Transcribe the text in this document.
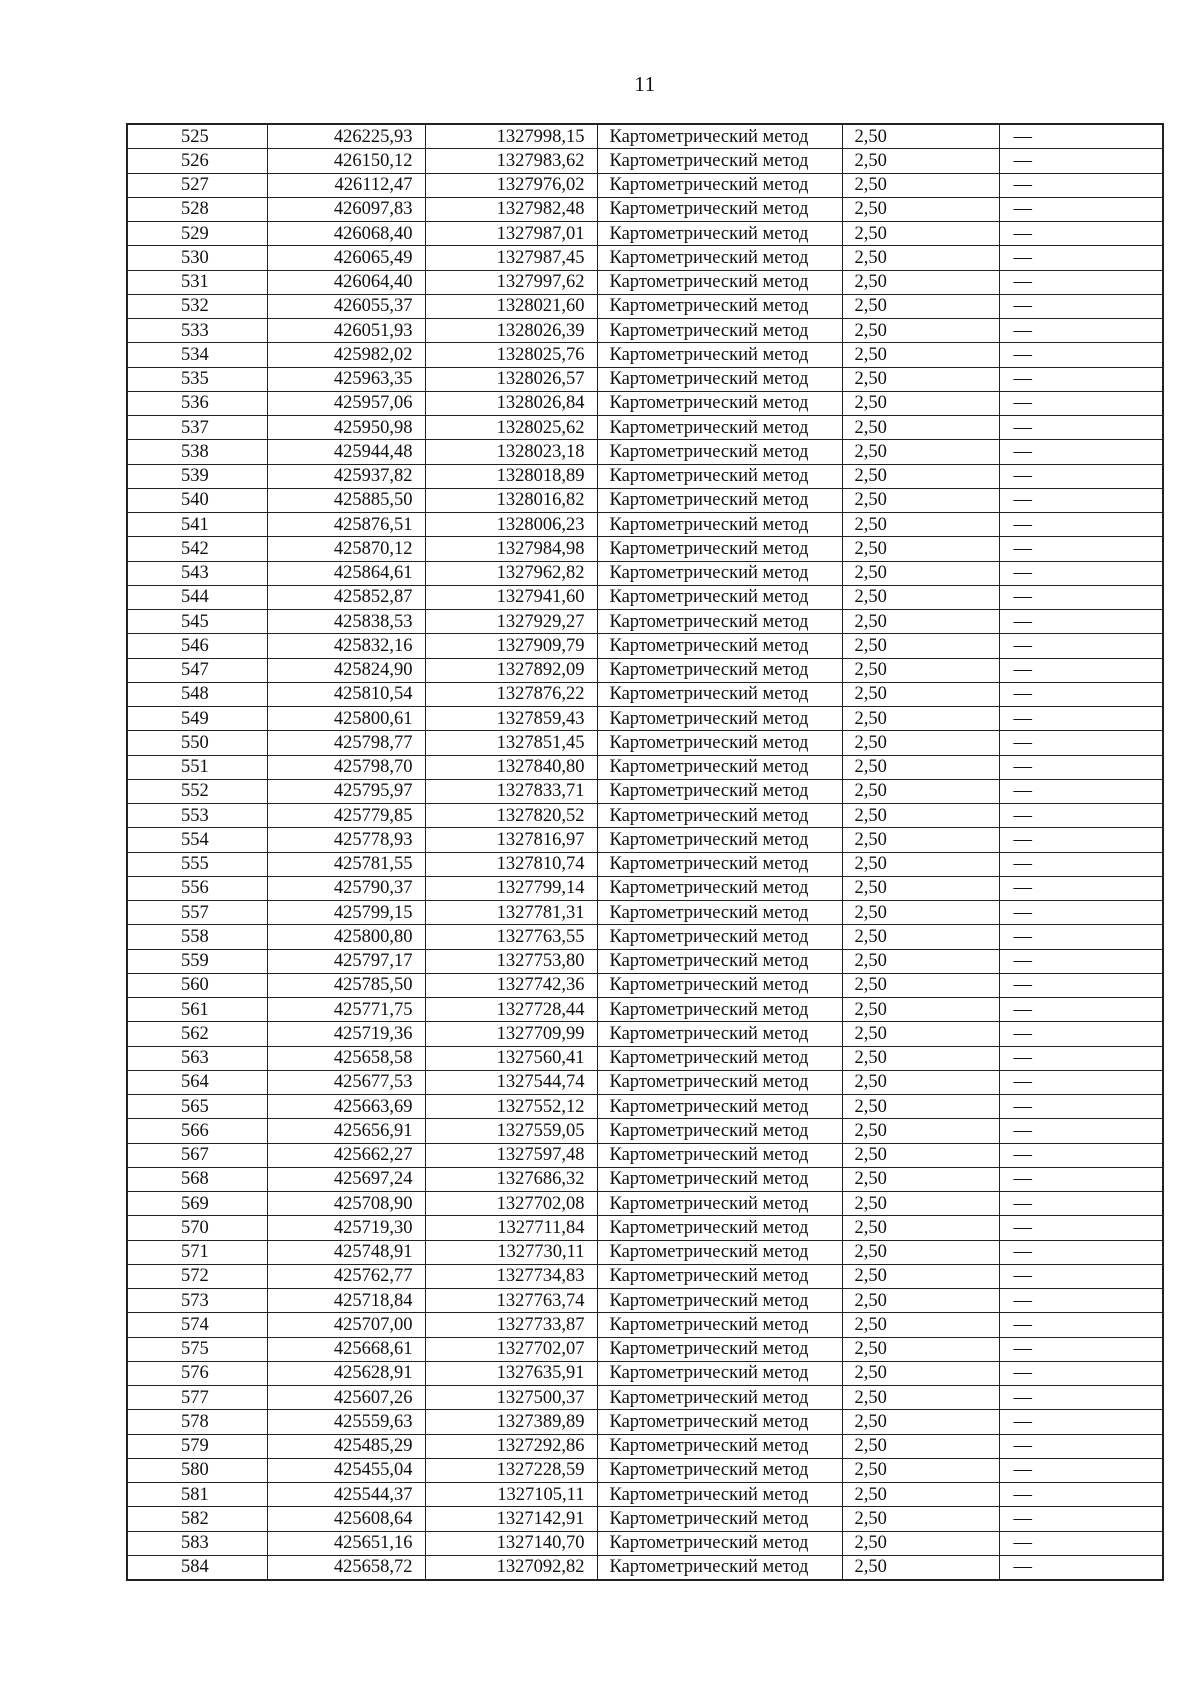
11
525	426225,93	1327998,15	Картометрический метод	2,50	—
526	426150,12	1327983,62	Картометрический метод	2,50	—
527	426112,47	1327976,02	Картометрический метод	2,50	—
528	426097,83	1327982,48	Картометрический метод	2,50	—
529	426068,40	1327987,01	Картометрический метод	2,50	—
530	426065,49	1327987,45	Картометрический метод	2,50	—
531	426064,40	1327997,62	Картометрический метод	2,50	—
532	426055,37	1328021,60	Картометрический метод	2,50	—
533	426051,93	1328026,39	Картометрический метод	2,50	—
534	425982,02	1328025,76	Картометрический метод	2,50	—
535	425963,35	1328026,57	Картометрический метод	2,50	—
536	425957,06	1328026,84	Картометрический метод	2,50	—
537	425950,98	1328025,62	Картометрический метод	2,50	—
538	425944,48	1328023,18	Картометрический метод	2,50	—
539	425937,82	1328018,89	Картометрический метод	2,50	—
540	425885,50	1328016,82	Картометрический метод	2,50	—
541	425876,51	1328006,23	Картометрический метод	2,50	—
542	425870,12	1327984,98	Картометрический метод	2,50	—
543	425864,61	1327962,82	Картометрический метод	2,50	—
544	425852,87	1327941,60	Картометрический метод	2,50	—
545	425838,53	1327929,27	Картометрический метод	2,50	—
546	425832,16	1327909,79	Картометрический метод	2,50	—
547	425824,90	1327892,09	Картометрический метод	2,50	—
548	425810,54	1327876,22	Картометрический метод	2,50	—
549	425800,61	1327859,43	Картометрический метод	2,50	—
550	425798,77	1327851,45	Картометрический метод	2,50	—
551	425798,70	1327840,80	Картометрический метод	2,50	—
552	425795,97	1327833,71	Картометрический метод	2,50	—
553	425779,85	1327820,52	Картометрический метод	2,50	—
554	425778,93	1327816,97	Картометрический метод	2,50	—
555	425781,55	1327810,74	Картометрический метод	2,50	—
556	425790,37	1327799,14	Картометрический метод	2,50	—
557	425799,15	1327781,31	Картометрический метод	2,50	—
558	425800,80	1327763,55	Картометрический метод	2,50	—
559	425797,17	1327753,80	Картометрический метод	2,50	—
560	425785,50	1327742,36	Картометрический метод	2,50	—
561	425771,75	1327728,44	Картометрический метод	2,50	—
562	425719,36	1327709,99	Картометрический метод	2,50	—
563	425658,58	1327560,41	Картометрический метод	2,50	—
564	425677,53	1327544,74	Картометрический метод	2,50	—
565	425663,69	1327552,12	Картометрический метод	2,50	—
566	425656,91	1327559,05	Картометрический метод	2,50	—
567	425662,27	1327597,48	Картометрический метод	2,50	—
568	425697,24	1327686,32	Картометрический метод	2,50	—
569	425708,90	1327702,08	Картометрический метод	2,50	—
570	425719,30	1327711,84	Картометрический метод	2,50	—
571	425748,91	1327730,11	Картометрический метод	2,50	—
572	425762,77	1327734,83	Картометрический метод	2,50	—
573	425718,84	1327763,74	Картометрический метод	2,50	—
574	425707,00	1327733,87	Картометрический метод	2,50	—
575	425668,61	1327702,07	Картометрический метод	2,50	—
576	425628,91	1327635,91	Картометрический метод	2,50	—
577	425607,26	1327500,37	Картометрический метод	2,50	—
578	425559,63	1327389,89	Картометрический метод	2,50	—
579	425485,29	1327292,86	Картометрический метод	2,50	—
580	425455,04	1327228,59	Картометрический метод	2,50	—
581	425544,37	1327105,11	Картометрический метод	2,50	—
582	425608,64	1327142,91	Картометрический метод	2,50	—
583	425651,16	1327140,70	Картометрический метод	2,50	—
584	425658,72	1327092,82	Картометрический метод	2,50	—
